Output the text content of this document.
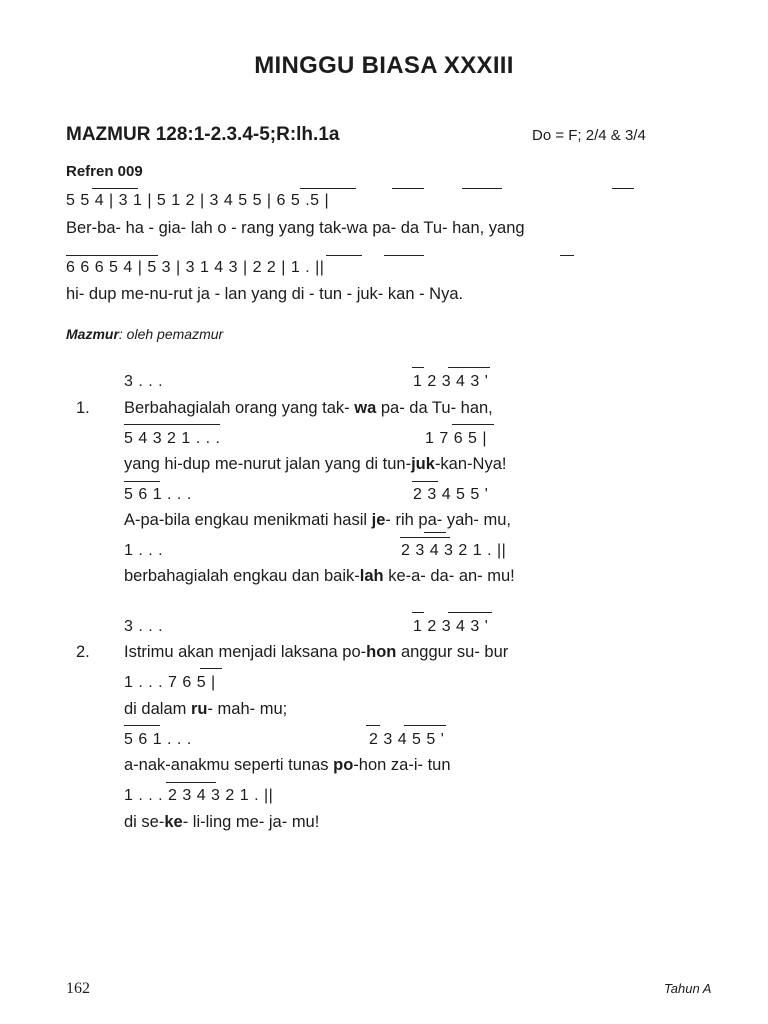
MINGGU BIASA XXXIII
MAZMUR 128:1-2.3.4-5;R:lh.1a	Do = F; 2/4 & 3/4
Refren 009
5 5 4 | 3 1 | 5 1 2 | 3 4 5 5 | 6 5 .5 |
Ber-ba- ha - gia- lah o - rang yang tak-wa pa- da Tu- han, yang
6 6 6 5 4 | 5 3 | 3 1 4 3 | 2 2 | 1 . ||
hi- dup me-nu-rut ja - lan yang di - tun - juk- kan - Nya.
Mazmur: oleh pemazmur
1.
3 . . .	1 2 3 4 3 '
Berbahagialah orang yang tak- wa pa- da Tu- han,
5 4 3 2 1 . . .	1 7 6 5 |
yang hi-dup me-nurut jalan yang di tun-juk-kan-Nya!
5 6 1 . . .	2 3 4 5 5 '
A-pa-bila engkau menikmati hasil je- rih pa- yah- mu,
1 . . .	2 3 4 3 2 1 . ||
berbahagialah engkau dan baik-lah ke-a- da- an- mu!
2.
3 . . .	1 2 3 4 3 '
Istrimu akan menjadi laksana po-hon anggur su- bur
1 . . . 7 6 5 |
di dalam ru- mah- mu;
5 6 1 . . .	2 3 4 5 5 '
a-nak-anakmu seperti tunas po-hon za-i- tun
1 . . . 2 3 4 3 2 1 . ||
di se-ke- li-ling me- ja- mu!
162	Tahun A
